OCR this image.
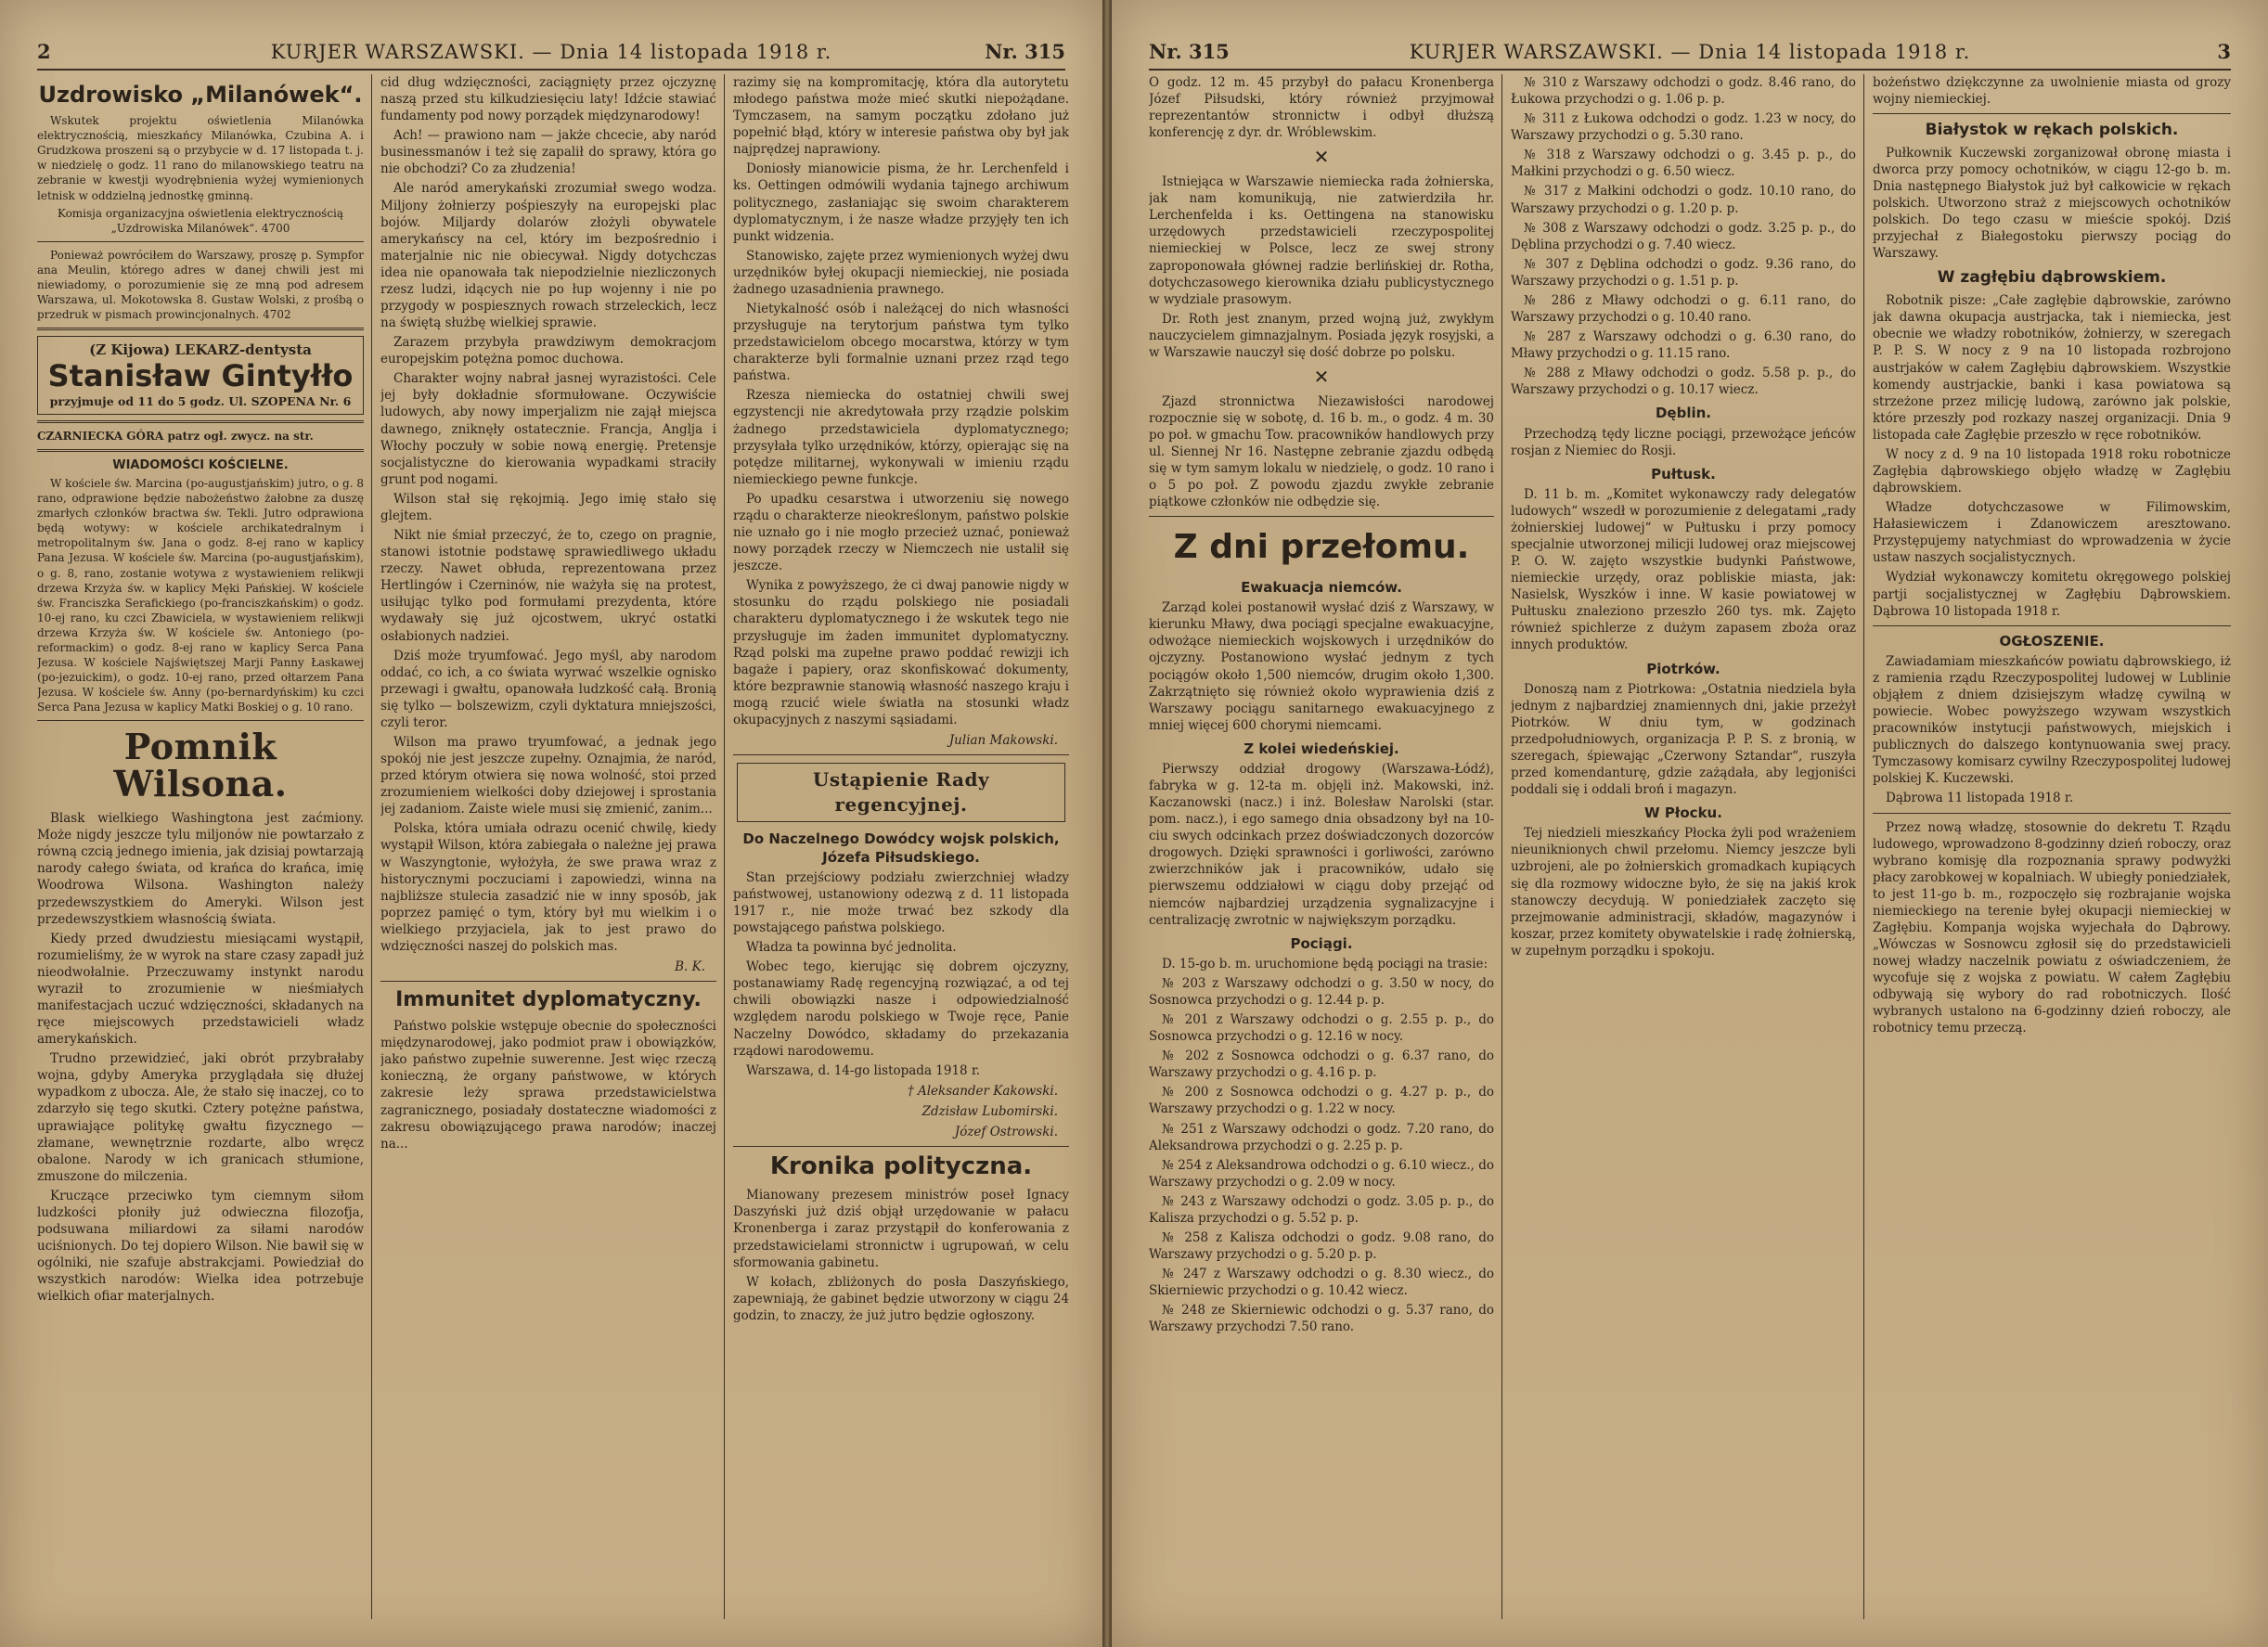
2	KURJER WARSZAWSKI. — Dnia 14 listopada 1918 r.	Nr. 315
Uzdrowisko „Milanówek“.

Wskutek projektu oświetlenia Milanówka elektrycznością, mieszkańcy Milanówka, Czubina A. i Grudzkowa proszeni są o przybycie w d. 17 listopada t. j. w niedzielę o godz. 11 rano do milanowskiego teatru na zebranie w kwestji wyodrębnienia wyżej wymienionych letnisk w oddzielną jednostkę gminną.

Komisja organizacyjna oświetlenia elektrycznością „Uzdrowiska Milanówek“. 4700

Ponieważ powróciłem do Warszawy, proszę p. Sympfor ana Meulin, którego adres w danej chwili jest mi niewiadomy, o porozumienie się ze mną pod adresem Warszawa, ul. Mokotowska 8. Gustaw Wolski, z prośbą o przedruk w pismach prowincjonalnych. 4702

(Z Kijowa) LEKARZ-dentysta
Stanisław Gintyłło
przyjmuje od 11 do 5 godz. Ul. SZOPENA Nr. 6

CZARNIECKA GÓRA patrz ogł. zwycz. na str.

WIADOMOŚCI KOŚCIELNE.

W kościele św. Marcina (po-augustjańskim) jutro, o g. 8 rano, odprawione będzie nabożeństwo żałobne za duszę zmarłych członków bractwa św. Tekli. Jutro odprawiona będą wotywy: w kościele archikatedralnym i metropolitalnym św. Jana o godz. 8-ej rano w kaplicy Pana Jezusa. W kościele św. Marcina (po-augustjańskim), o g. 8, rano, zostanie wotywa z wystawieniem relikwji drzewa Krzyża św. w kaplicy Męki Pańskiej. W kościele św. Franciszka Serafickiego (po-franciszkańskim) o godz. 10-ej rano, ku czci Zbawiciela, w wystawieniem relikwji drzewa Krzyża św. W kościele św. Antoniego (po-reformackim) o godz. 8-ej rano w kaplicy Serca Pana Jezusa. W kościele Najświętszej Marji Panny Łaskawej (po-jezuickim), o godz. 10-ej rano, przed ołtarzem Pana Jezusa. W kościele św. Anny (po-bernardyńskim) ku czci Serca Pana Jezusa w kaplicy Matki Boskiej o g. 10 rano.

Pomnik Wilsona.

Blask wielkiego Washingtona jest zaćmiony. Może nigdy jeszcze tylu miljonów nie powtarzało z równą czcią jednego imienia, jak dzisiaj powtarzają narody całego świata, od krańca do krańca, imię Woodrowa Wilsona. Washington należy przedewszystkiem do Ameryki. Wilson jest przedewszystkiem własnością świata.

Kiedy przed dwudziestu miesiącami wystąpił, rozumieliśmy, że w wyrok na stare czasy zapadł już nieodwołalnie. Przeczuwamy instynkt narodu wyraził to zrozumienie w nieśmiałych manifestacjach uczuć wdzięczności, składanych na ręce miejscowych przedstawicieli władz amerykańskich.

Trudno przewidzieć, jaki obrót przybrałaby wojna, gdyby Ameryka przyglądała się dłużej wypadkom z ubocza. Ale, że stało się inaczej, co to zdarzyło się tego skutki. Cztery potężne państwa, uprawiające politykę gwałtu fizycznego — złamane, wewnętrznie rozdarte, albo wręcz obalone. Narody w ich granicach stłumione, zmuszone do milczenia.

Kruczące przeciwko tym ciemnym siłom ludzkości płoniły już odwieczna filozofja, podsuwana miliardowi za siłami narodów uciśnionych. Do tej dopiero Wilson. Nie bawił się w ogólniki, nie szafuje abstrakcjami. Powiedział do wszystkich narodów: Wielka idea potrzebuje wielkich ofiar materjalnych.

cid dług wdzięczności, zaciągnięty przez ojczyznę naszą przed stu kilkudziesięciu laty! Idźcie stawiać fundamenty pod nowy porządek międzynarodowy!

Ach! — prawiono nam — jakże chcecie, aby naród businessmanów i też się zapalił do sprawy, która go nie obchodzi? Co za złudzenia!

Ale naród amerykański zrozumiał swego wodza. Miljony żołnierzy pośpieszyły na europejski plac bojów. Miljardy dolarów złożyli obywatele amerykańscy na cel, który im bezpośrednio i materjalnie nic nie obiecywał. Nigdy dotychczas idea nie opanowała tak niepodzielnie niezliczonych rzesz ludzi, idących nie po łup wojenny i nie po przygody w pospiesznych rowach strzeleckich, lecz na świętą służbę wielkiej sprawie.

Zarazem przybyła prawdziwym demokracjom europejskim potężna pomoc duchowa.

Charakter wojny nabrał jasnej wyrazistości. Cele jej były dokładnie sformułowane. Oczywiście ludowych, aby nowy imperjalizm nie zajął miejsca dawnego, zniknęły ostatecznie. Francja, Anglja i Włochy poczuły w sobie nową energię. Pretensje socjalistyczne do kierowania wypadkami straciły grunt pod nogami.

Wilson stał się rękojmią. Jego imię stało się glejtem.

Nikt nie śmiał przeczyć, że to, czego on pragnie, stanowi istotnie podstawę sprawiedliwego układu rzeczy. Nawet obłuda, reprezentowana przez Hertlingów i Czerninów, nie ważyła się na protest, usiłując tylko pod formułami prezydenta, które wydawały się już ojcostwem, ukryć ostatki osłabionych nadziei.

Dziś może tryumfować. Jego myśl, aby narodom oddać, co ich, a co świata wyrwać wszelkie ognisko przewagi i gwałtu, opanowała ludzkość całą. Bronią się tylko — bolszewizm, czyli dyktatura mniejszości, czyli teror.

Wilson ma prawo tryumfować, a jednak jego spokój nie jest jeszcze zupełny. Oznajmia, że naród, przed którym otwiera się nowa wolność, stoi przed zrozumieniem wielkości doby dziejowej i sprostania jej zadaniom. Zaiste wiele musi się zmienić, zanim...

Polska, która umiała odrazu ocenić chwilę, kiedy wystąpił Wilson, która zabiegała o należne jej prawa w Waszyngtonie, wyłożyła, że swe prawa wraz z historycznymi poczuciami i zapowiedzi, winna na najbliższe stulecia zasadzić nie w inny sposób, jak poprzez pamięć o tym, który był mu wielkim i o wielkiego przyjaciela, jak to jest prawo do wdzięczności naszej do polskich mas.

B. K.
Immunitet dyplomatyczny.

Państwo polskie wstępuje obecnie do społeczności międzynarodowej, jako podmiot praw i obowiązków, jako państwo zupełnie suwerenne. Jest więc rzeczą konieczną, że organy państwowe, w których zakresie leży sprawa przedstawicielstwa zagranicznego, posiadały dostateczne wiadomości z zakresu obowiązującego prawa narodów; inaczej na...

razimy się na kompromitację, która dla autorytetu młodego państwa może mieć skutki niepożądane. Tymczasem, na samym początku zdołano już popełnić błąd, który w interesie państwa oby był jak najprędzej naprawiony.

Doniosły mianowicie pisma, że hr. Lerchenfeld i ks. Oettingen odmówili wydania tajnego archiwum politycznego, zasłaniając się swoim charakterem dyplomatycznym, i że nasze władze przyjęły ten ich punkt widzenia.

Stanowisko, zajęte przez wymienionych wyżej dwu urzędników byłej okupacji niemieckiej, nie posiada żadnego uzasadnienia prawnego.

Nietykalność osób i należącej do nich własności przysługuje na terytorjum państwa tym tylko przedstawicielom obcego mocarstwa, którzy w tym charakterze byli formalnie uznani przez rząd tego państwa.

Rzesza niemiecka do ostatniej chwili swej egzystencji nie akredytowała przy rządzie polskim żadnego przedstawiciela dyplomatycznego; przysyłała tylko urzędników, którzy, opierając się na potędze militarnej, wykonywali w imieniu rządu niemieckiego pewne funkcje.

Po upadku cesarstwa i utworzeniu się nowego rządu o charakterze nieokreślonym, państwo polskie nie uznało go i nie mogło przecież uznać, ponieważ nowy porządek rzeczy w Niemczech nie ustalił się jeszcze.

Wynika z powyższego, że ci dwaj panowie nigdy w stosunku do rządu polskiego nie posiadali charakteru dyplomatycznego i że wskutek tego nie przysługuje im żaden immunitet dyplomatyczny. Rząd polski ma zupełne prawo poddać rewizji ich bagaże i papiery, oraz skonfiskować dokumenty, które bezprawnie stanowią własność naszego kraju i mogą rzucić wiele światła na stosunki władz okupacyjnych z naszymi sąsiadami.

Julian Makowski.
Ustąpienie Rady regencyjnej.
Do Naczelnego Dowódcy wojsk polskich, Józefa Piłsudskiego.

Stan przejściowy podziału zwierzchniej władzy państwowej, ustanowiony odezwą z d. 11 listopada 1917 r., nie może trwać bez szkody dla powstającego państwa polskiego.

Władza ta powinna być jednolita.

Wobec tego, kierując się dobrem ojczyzny, postanawiamy Radę regencyjną rozwiązać, a od tej chwili obowiązki nasze i odpowiedzialność względem narodu polskiego w Twoje ręce, Panie Naczelny Dowódco, składamy do przekazania rządowi narodowemu.

Warszawa, d. 14-go listopada 1918 r.

† Aleksander Kakowski.
Zdzisław Lubomirski.
Józef Ostrowski.
Kronika polityczna.

Mianowany prezesem ministrów poseł Ignacy Daszyński już dziś objął urzędowanie w pałacu Kronenberga i zaraz przystąpił do konferowania z przedstawicielami stronnictw i ugrupowań, w celu sformowania gabinetu.

W kołach, zbliżonych do posła Daszyńskiego, zapewniają, że gabinet będzie utworzony w ciągu 24 godzin, to znaczy, że już jutro będzie ogłoszony.

Nr. 315	KURJER WARSZAWSKI. — Dnia 14 listopada 1918 r.	3

O godz. 12 m. 45 przybył do pałacu Kronenberga Józef Piłsudski, który również przyjmował reprezentantów stronnictw i odbył dłuższą konferencję z dyr. dr. Wróblewskim.

✕

Istniejąca w Warszawie niemiecka rada żołnierska, jak nam komunikują, nie zatwierdziła hr. Lerchenfelda i ks. Oettingena na stanowisku urzędowych przedstawicieli rzeczypospolitej niemieckiej w Polsce, lecz ze swej strony zaproponowała głównej radzie berlińskiej dr. Rotha, dotychczasowego kierownika działu publicystycznego w wydziale prasowym.

Dr. Roth jest znanym, przed wojną już, zwykłym nauczycielem gimnazjalnym. Posiada język rosyjski, a w Warszawie nauczył się dość dobrze po polsku.

✕

Zjazd stronnictwa Niezawisłości narodowej rozpocznie się w sobotę, d. 16 b. m., o godz. 4 m. 30 po poł. w gmachu Tow. pracowników handlowych przy ul. Siennej Nr 16. Następne zebranie zjazdu odbędą się w tym samym lokalu w niedzielę, o godz. 10 rano i o 5 po poł. Z powodu zjazdu zwykłe zebranie piątkowe członków nie odbędzie się.

Z dni przełomu.
Ewakuacja niemców.

Zarząd kolei postanowił wysłać dziś z Warszawy, w kierunku Mławy, dwa pociągi specjalne ewakuacyjne, odwożące niemieckich wojskowych i urzędników do ojczyzny. Postanowiono wysłać jednym z tych pociągów około 1,500 niemców, drugim około 1,300. Zakrzątnięto się również około wyprawienia dziś z Warszawy pociągu sanitarnego ewakuacyjnego z mniej więcej 600 chorymi niemcami.

Z kolei wiedeńskiej.

Pierwszy oddział drogowy (Warszawa-Łódź), fabryka w g. 12-ta m. objęli inż. Makowski, inż. Kaczanowski (nacz.) i inż. Bolesław Narolski (star. pom. nacz.), i ego samego dnia obsadzony był na 10-ciu swych odcinkach przez doświadczonych dozorców drogowych. Dzięki sprawności i gorliwości, zarówno zwierzchników jak i pracowników, udało się pierwszemu oddziałowi w ciągu doby przejąć od niemców najbardziej urządzenia sygnalizacyjne i centralizację zwrotnic w największym porządku.

Pociągi.

D. 15-go b. m. uruchomione będą pociągi na trasie:

№ 203 z Warszawy odchodzi o g. 3.50 w nocy, do Sosnowca przychodzi o g. 12.44 p. p.

№ 201 z Warszawy odchodzi o g. 2.55 p. p., do Sosnowca przychodzi o g. 12.16 w nocy.

№ 202 z Sosnowca odchodzi o g. 6.37 rano, do Warszawy przychodzi o g. 4.16 p. p.

№ 200 z Sosnowca odchodzi o g. 4.27 p. p., do Warszawy przychodzi o g. 1.22 w nocy.

№ 251 z Warszawy odchodzi o godz. 7.20 rano, do Aleksandrowa przychodzi o g. 2.25 p. p.

№ 254 z Aleksandrowa odchodzi o g. 6.10 wiecz., do Warszawy przychodzi o g. 2.09 w nocy.

№ 243 z Warszawy odchodzi o godz. 3.05 p. p., do Kalisza przychodzi o g. 5.52 p. p.

№ 258 z Kalisza odchodzi o godz. 9.08 rano, do Warszawy przychodzi o g. 5.20 p. p.

№ 247 z Warszawy odchodzi o g. 8.30 wiecz., do Skierniewic przychodzi o g. 10.42 wiecz.

№ 248 ze Skierniewic odchodzi o g. 5.37 rano, do Warszawy przychodzi 7.50 rano.

№ 310 z Warszawy odchodzi o godz. 8.46 rano, do Łukowa przychodzi o g. 1.06 p. p.

№ 311 z Łukowa odchodzi o godz. 1.23 w nocy, do Warszawy przychodzi o g. 5.30 rano.

№ 318 z Warszawy odchodzi o g. 3.45 p. p., do Małkini przychodzi o g. 6.50 wiecz.

№ 317 z Małkini odchodzi o godz. 10.10 rano, do Warszawy przychodzi o g. 1.20 p. p.

№ 308 z Warszawy odchodzi o godz. 3.25 p. p., do Dęblina przychodzi o g. 7.40 wiecz.

№ 307 z Dęblina odchodzi o godz. 9.36 rano, do Warszawy przychodzi o g. 1.51 p. p.

№ 286 z Mławy odchodzi o g. 6.11 rano, do Warszawy przychodzi o g. 10.40 rano.

№ 287 z Warszawy odchodzi o g. 6.30 rano, do Mławy przychodzi o g. 11.15 rano.

№ 288 z Mławy odchodzi o godz. 5.58 p. p., do Warszawy przychodzi o g. 10.17 wiecz.

Dęblin.

Przechodzą tędy liczne pociągi, przewożące jeńców rosjan z Niemiec do Rosji.

Pułtusk.

D. 11 b. m. „Komitet wykonawczy rady delegatów ludowych“ wszedł w porozumienie z delegatami „rady żołnierskiej ludowej“ w Pułtusku i przy pomocy specjalnie utworzonej milicji ludowej oraz miejscowej P. O. W. zajęto wszystkie budynki Państwowe, niemieckie urzędy, oraz pobliskie miasta, jak: Nasielsk, Wyszków i inne. W kasie powiatowej w Pułtusku znaleziono przeszło 260 tys. mk. Zajęto również spichlerze z dużym zapasem zboża oraz innych produktów.

Piotrków.

Donoszą nam z Piotrkowa: „Ostatnia niedziela była jednym z najbardziej znamiennych dni, jakie przeżył Piotrków. W dniu tym, w godzinach przedpołudniowych, organizacja P. P. S. z bronią, w szeregach, śpiewając „Czerwony Sztandar“, ruszyła przed komendanturę, gdzie zażądała, aby legjoniści poddali się i oddali broń i magazyn.

W Płocku.

Tej niedzieli mieszkańcy Płocka żyli pod wrażeniem nieuniknionych chwil przełomu. Niemcy jeszcze byli uzbrojeni, ale po żołnierskich gromadkach kupiących się dla rozmowy widoczne było, że się na jakiś krok stanowczy decydują. W poniedziałek zaczęto się przejmowanie administracji, składów, magazynów i koszar, przez komitety obywatelskie i radę żołnierską, w zupełnym porządku i spokoju.

bożeństwo dziękczynne za uwolnienie miasta od grozy wojny niemieckiej.

Białystok w rękach polskich.

Pułkownik Kuczewski zorganizował obronę miasta i dworca przy pomocy ochotników, w ciągu 12-go b. m. Dnia następnego Białystok już był całkowicie w rękach polskich. Utworzono straż z miejscowych ochotników polskich. Do tego czasu w mieście spokój. Dziś przyjechał z Białegostoku pierwszy pociąg do Warszawy.

W zagłębiu dąbrowskiem.

Robotnik pisze: „Całe zagłębie dąbrowskie, zarówno jak dawna okupacja austrjacka, tak i niemiecka, jest obecnie we władzy robotników, żołnierzy, w szeregach P. P. S. W nocy z 9 na 10 listopada rozbrojono austrjaków w całem Zagłębiu dąbrowskiem. Wszystkie komendy austrjackie, banki i kasa powiatowa są strzeżone przez milicję ludową, zarówno jak polskie, które przeszły pod rozkazy naszej organizacji. Dnia 9 listopada całe Zagłębie przeszło w ręce robotników.

W nocy z d. 9 na 10 listopada 1918 roku robotnicze Zagłębia dąbrowskiego objęło władzę w Zagłębiu dąbrowskiem.

Władze dotychczasowe w Filimowskim, Hałasiewiczem i Zdanowiczem aresztowano. Przystępujemy natychmiast do wprowadzenia w życie ustaw naszych socjalistycznych.

Wydział wykonawczy komitetu okręgowego polskiej partji socjalistycznej w Zagłębiu Dąbrowskiem. Dąbrowa 10 listopada 1918 r.

OGŁOSZENIE.

Zawiadamiam mieszkańców powiatu dąbrowskiego, iż z ramienia rządu Rzeczypospolitej ludowej w Lublinie objąłem z dniem dzisiejszym władzę cywilną w powiecie. Wobec powyższego wzywam wszystkich pracowników instytucji państwowych, miejskich i publicznych do dalszego kontynuowania swej pracy. Tymczasowy komisarz cywilny Rzeczypospolitej ludowej polskiej K. Kuczewski.

Dąbrowa 11 listopada 1918 r.

Przez nową władzę, stosownie do dekretu T. Rządu ludowego, wprowadzono 8-godzinny dzień roboczy, oraz wybrano komisję dla rozpoznania sprawy podwyżki płacy zarobkowej w kopalniach. W ubiegły poniedziałek, to jest 11-go b. m., rozpoczęło się rozbrajanie wojska niemieckiego na terenie byłej okupacji niemieckiej w Zagłębiu. Kompanja wojska wyjechała do Dąbrowy. „Wówczas w Sosnowcu zgłosił się do przedstawicieli nowej władzy naczelnik powiatu z oświadczeniem, że wycofuje się z wojska z powiatu. W całem Zagłębiu odbywają się wybory do rad robotniczych. Ilość wybranych ustalono na 6-godzinny dzień roboczy, ale robotnicy temu przeczą.
